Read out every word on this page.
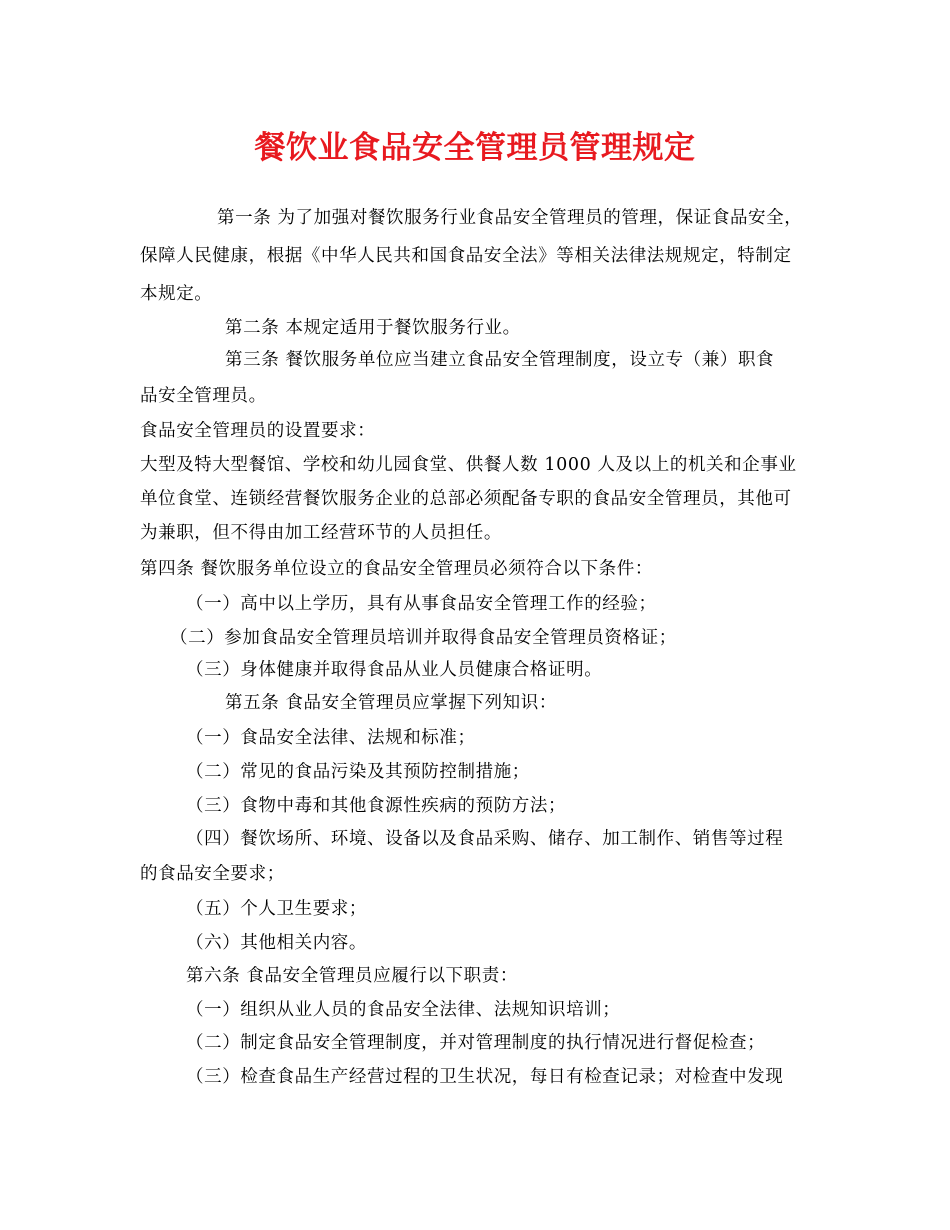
餐饮业食品安全管理员管理规定
第一条 为了加强对餐饮服务行业食品安全管理员的管理，保证食品安全，
保障人民健康，根据《中华人民共和国食品安全法》等相关法律法规规定，特制定
本规定。
第二条 本规定适用于餐饮服务行业。
第三条 餐饮服务单位应当建立食品安全管理制度，设立专（兼）职食
品安全管理员。
食品安全管理员的设置要求：
大型及特大型餐馆、学校和幼儿园食堂、供餐人数 1000 人及以上的机关和企事业
单位食堂、连锁经营餐饮服务企业的总部必须配备专职的食品安全管理员，其他可
为兼职，但不得由加工经营环节的人员担任。
第四条 餐饮服务单位设立的食品安全管理员必须符合以下条件：
（一）高中以上学历，具有从事食品安全管理工作的经验；
（二）参加食品安全管理员培训并取得食品安全管理员资格证；
（三）身体健康并取得食品从业人员健康合格证明。
第五条 食品安全管理员应掌握下列知识：
（一）食品安全法律、法规和标准；
（二）常见的食品污染及其预防控制措施；
（三）食物中毒和其他食源性疾病的预防方法；
（四）餐饮场所、环境、设备以及食品采购、储存、加工制作、销售等过程
的食品安全要求；
（五）个人卫生要求；
（六）其他相关内容。
第六条 食品安全管理员应履行以下职责：
（一）组织从业人员的食品安全法律、法规知识培训；
（二）制定食品安全管理制度，并对管理制度的执行情况进行督促检查；
（三）检查食品生产经营过程的卫生状况，每日有检查记录；对检查中发现
